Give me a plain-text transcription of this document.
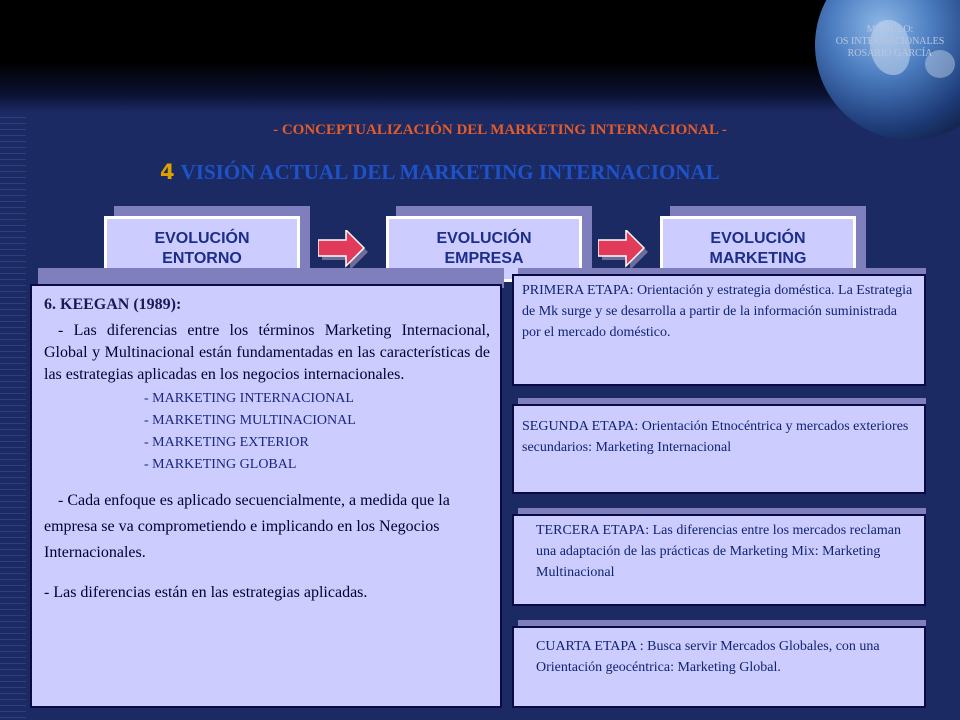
MÓDULO:
OS INTERNACIONALES
ROSARIO GARCÍA
- CONCEPTUALIZACIÓN DEL MARKETING INTERNACIONAL -
4 VISIÓN ACTUAL DEL MARKETING INTERNACIONAL
EVOLUCIÓN
ENTORNO
EVOLUCIÓN
EMPRESA
EVOLUCIÓN
MARKETING
6. KEEGAN (1989):
- Las diferencias entre los términos Marketing Internacional, Global y Multinacional están fundamentadas en las características de las estrategias aplicadas en los negocios internacionales.
- MARKETING INTERNACIONAL
- MARKETING MULTINACIONAL
- MARKETING EXTERIOR
- MARKETING GLOBAL
- Cada enfoque es aplicado secuencialmente, a medida que la empresa se va comprometiendo e implicando en los Negocios Internacionales.
- Las diferencias están en las estrategias aplicadas.
PRIMERA ETAPA: Orientación y estrategia doméstica. La Estrategia de Mk surge y se desarrolla a partir de la información suministrada por el mercado doméstico.
SEGUNDA ETAPA: Orientación Etnocéntrica y mercados exteriores secundarios: Marketing Internacional
TERCERA ETAPA: Las diferencias entre los mercados reclaman una adaptación de las prácticas de Marketing Mix: Marketing Multinacional
CUARTA ETAPA : Busca servir Mercados Globales, con una Orientación geocéntrica: Marketing Global.
